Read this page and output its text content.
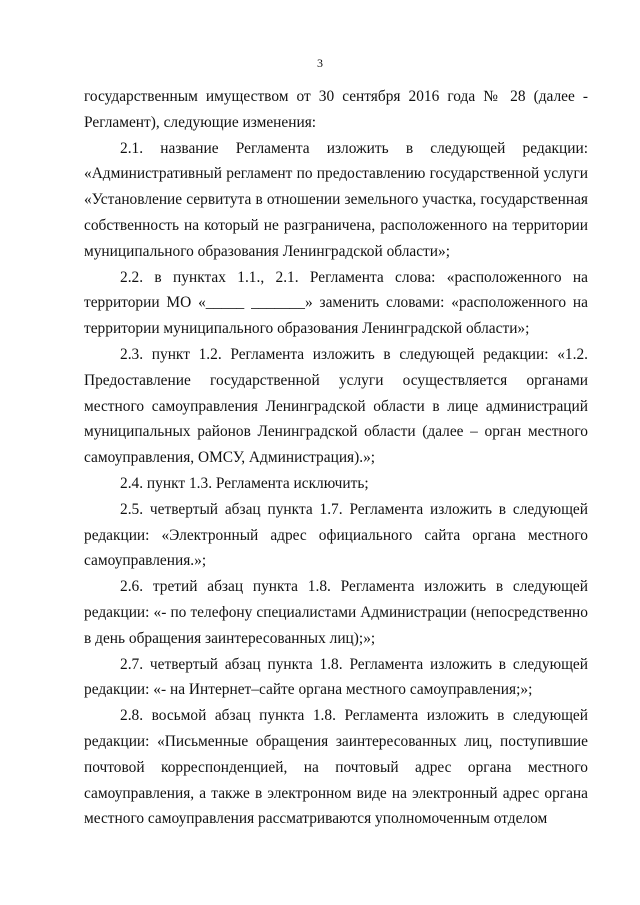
3

государственным имуществом от 30 сентября 2016 года № 28 (далее - Регламент), следующие изменения:

2.1. название Регламента изложить в следующей редакции: «Административный регламент по предоставлению государственной услуги «Установление сервитута в отношении земельного участка, государственная собственность на который не разграничена, расположенного на территории муниципального образования Ленинградской области»;

2.2. в пунктах 1.1., 2.1. Регламента слова: «расположенного на территории МО «_____ _______» заменить словами: «расположенного на территории муниципального образования Ленинградской области»;

2.3. пункт 1.2. Регламента изложить в следующей редакции: «1.2. Предоставление государственной услуги осуществляется органами местного самоуправления Ленинградской области в лице администраций муниципальных районов Ленинградской области (далее – орган местного самоуправления, ОМСУ, Администрация).»;

2.4. пункт 1.3. Регламента исключить;

2.5. четвертый абзац пункта 1.7. Регламента изложить в следующей редакции: «Электронный адрес официального сайта органа местного самоуправления.»;

2.6. третий абзац пункта 1.8. Регламента изложить в следующей редакции: «- по телефону специалистами Администрации (непосредственно в день обращения заинтересованных лиц);»;

2.7. четвертый абзац пункта 1.8. Регламента изложить в следующей редакции: «- на Интернет–сайте органа местного самоуправления;»;

2.8. восьмой абзац пункта 1.8. Регламента изложить в следующей редакции: «Письменные обращения заинтересованных лиц, поступившие почтовой корреспонденцией, на почтовый адрес органа местного самоуправления, а также в электронном виде на электронный адрес органа местного самоуправления рассматриваются уполномоченным отделом
